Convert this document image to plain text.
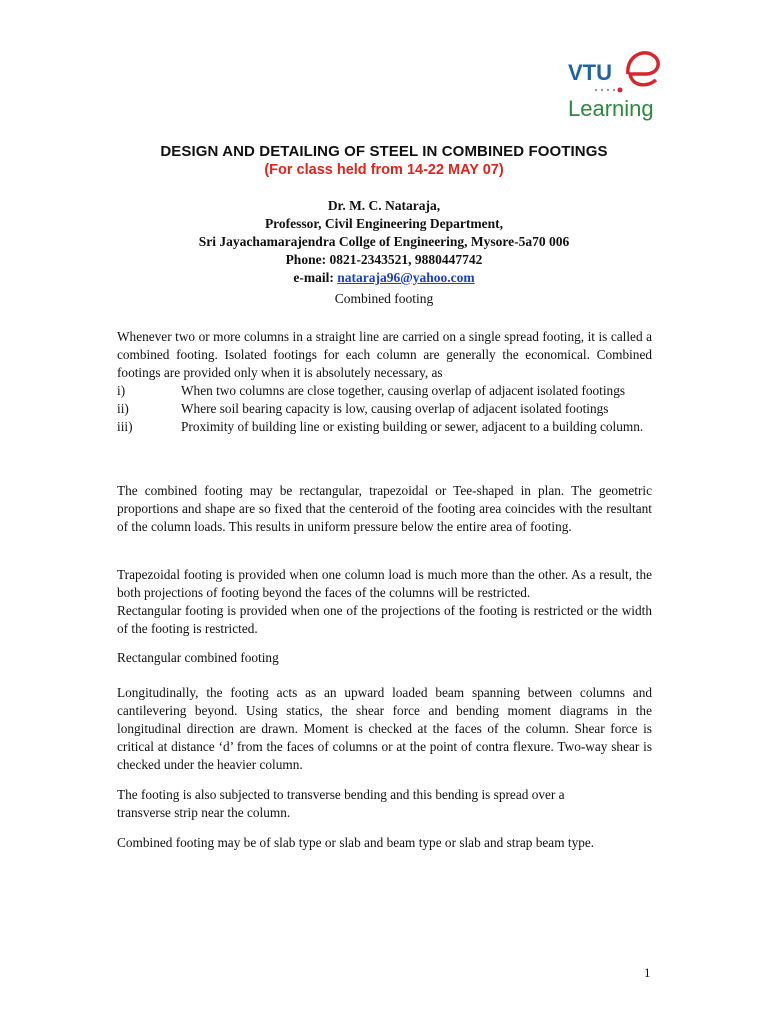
VTU
Learning
DESIGN AND DETAILING OF STEEL IN COMBINED FOOTINGS
(For class held from 14-22 MAY 07)
Dr. M. C. Nataraja,
Professor, Civil Engineering Department,
Sri Jayachamarajendra Collge of Engineering, Mysore-5a70 006
Phone: 0821-2343521, 9880447742
e-mail: nataraja96@yahoo.com
Combined footing

Whenever two or more columns in a straight line are carried on a single spread footing, it is called a combined footing. Isolated footings for each column are generally the economical. Combined footings are provided only when it is absolutely necessary, as

i)	When two columns are close together, causing overlap of adjacent isolated footings
ii)	Where soil bearing capacity is low, causing overlap of adjacent isolated footings
iii)	Proximity of building line or existing building or sewer, adjacent to a building column.

The combined footing may be rectangular, trapezoidal or Tee-shaped in plan. The geometric proportions and shape are so fixed that the centeroid of the footing area coincides with the resultant of the column loads. This results in uniform pressure below the entire area of footing.

Trapezoidal footing is provided when one column load is much more than the other. As a result, the both projections of footing beyond the faces of the columns will be restricted.

Rectangular footing is provided when one of the projections of the footing is restricted or the width of the footing is restricted.

Rectangular combined footing

Longitudinally, the footing acts as an upward loaded beam spanning between columns and cantilevering beyond. Using statics, the shear force and bending moment diagrams in the longitudinal direction are drawn. Moment is checked at the faces of the column. Shear force is critical at distance ‘d’ from the faces of columns or at the point of contra flexure. Two-way shear is checked under the heavier column.

The footing is also subjected to transverse bending and this bending is spread over a transverse strip near the column.

Combined footing may be of slab type or slab and beam type or slab and strap beam type.

1
